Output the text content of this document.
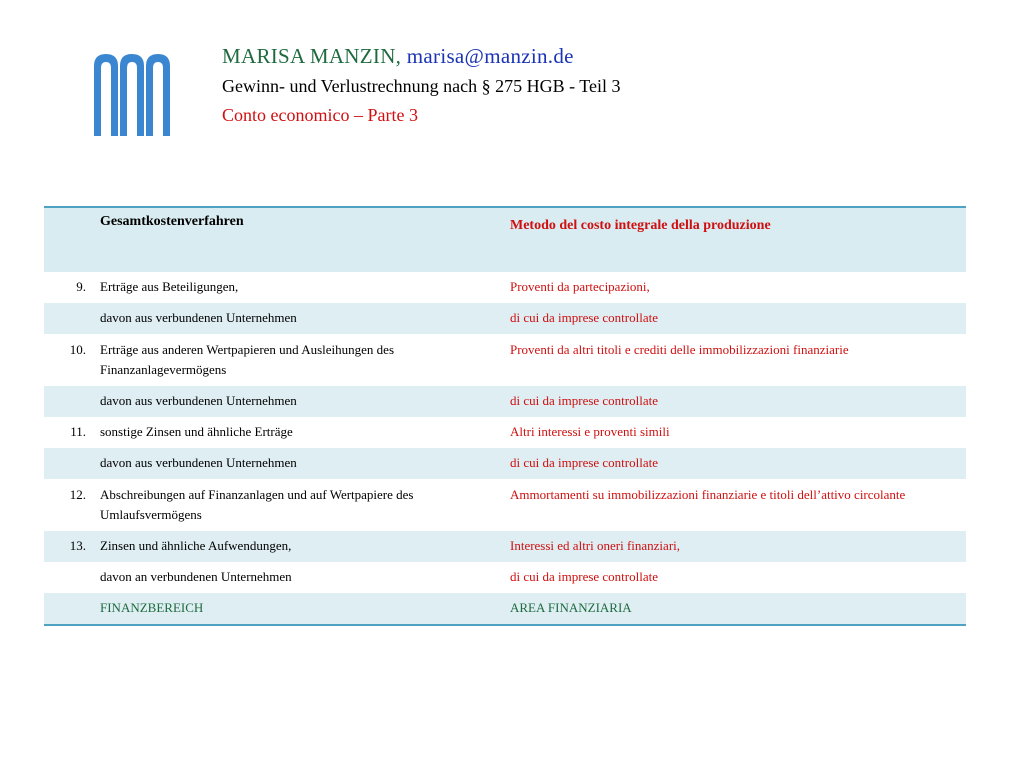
MARISA MANZIN, marisa@manzin.de
Gewinn- und Verlustrechnung nach § 275 HGB - Teil 3
Conto economico – Parte 3
	Gesamtkostenverfahren	Metodo del costo integrale della produzione
9.	Erträge aus Beteiligungen,	Proventi da partecipazioni,
	davon aus verbundenen Unternehmen	di cui da imprese controllate
10.	Erträge aus anderen Wertpapieren und Ausleihungen des Finanzanlagevermögens	Proventi da altri titoli e crediti delle immobilizzazioni finanziarie
	davon aus verbundenen Unternehmen	di cui da imprese controllate
11.	sonstige Zinsen und ähnliche Erträge	Altri interessi e proventi simili
	davon aus verbundenen Unternehmen	di cui da imprese controllate
12.	Abschreibungen auf Finanzanlagen und auf Wertpapiere des Umlaufsvermögens	Ammortamenti su immobilizzazioni finanziarie e titoli dell’attivo circolante
13.	Zinsen und ähnliche Aufwendungen,	Interessi ed altri oneri finanziari,
	davon an verbundenen Unternehmen	di cui da imprese controllate
	FINANZBEREICH	AREA FINANZIARIA
